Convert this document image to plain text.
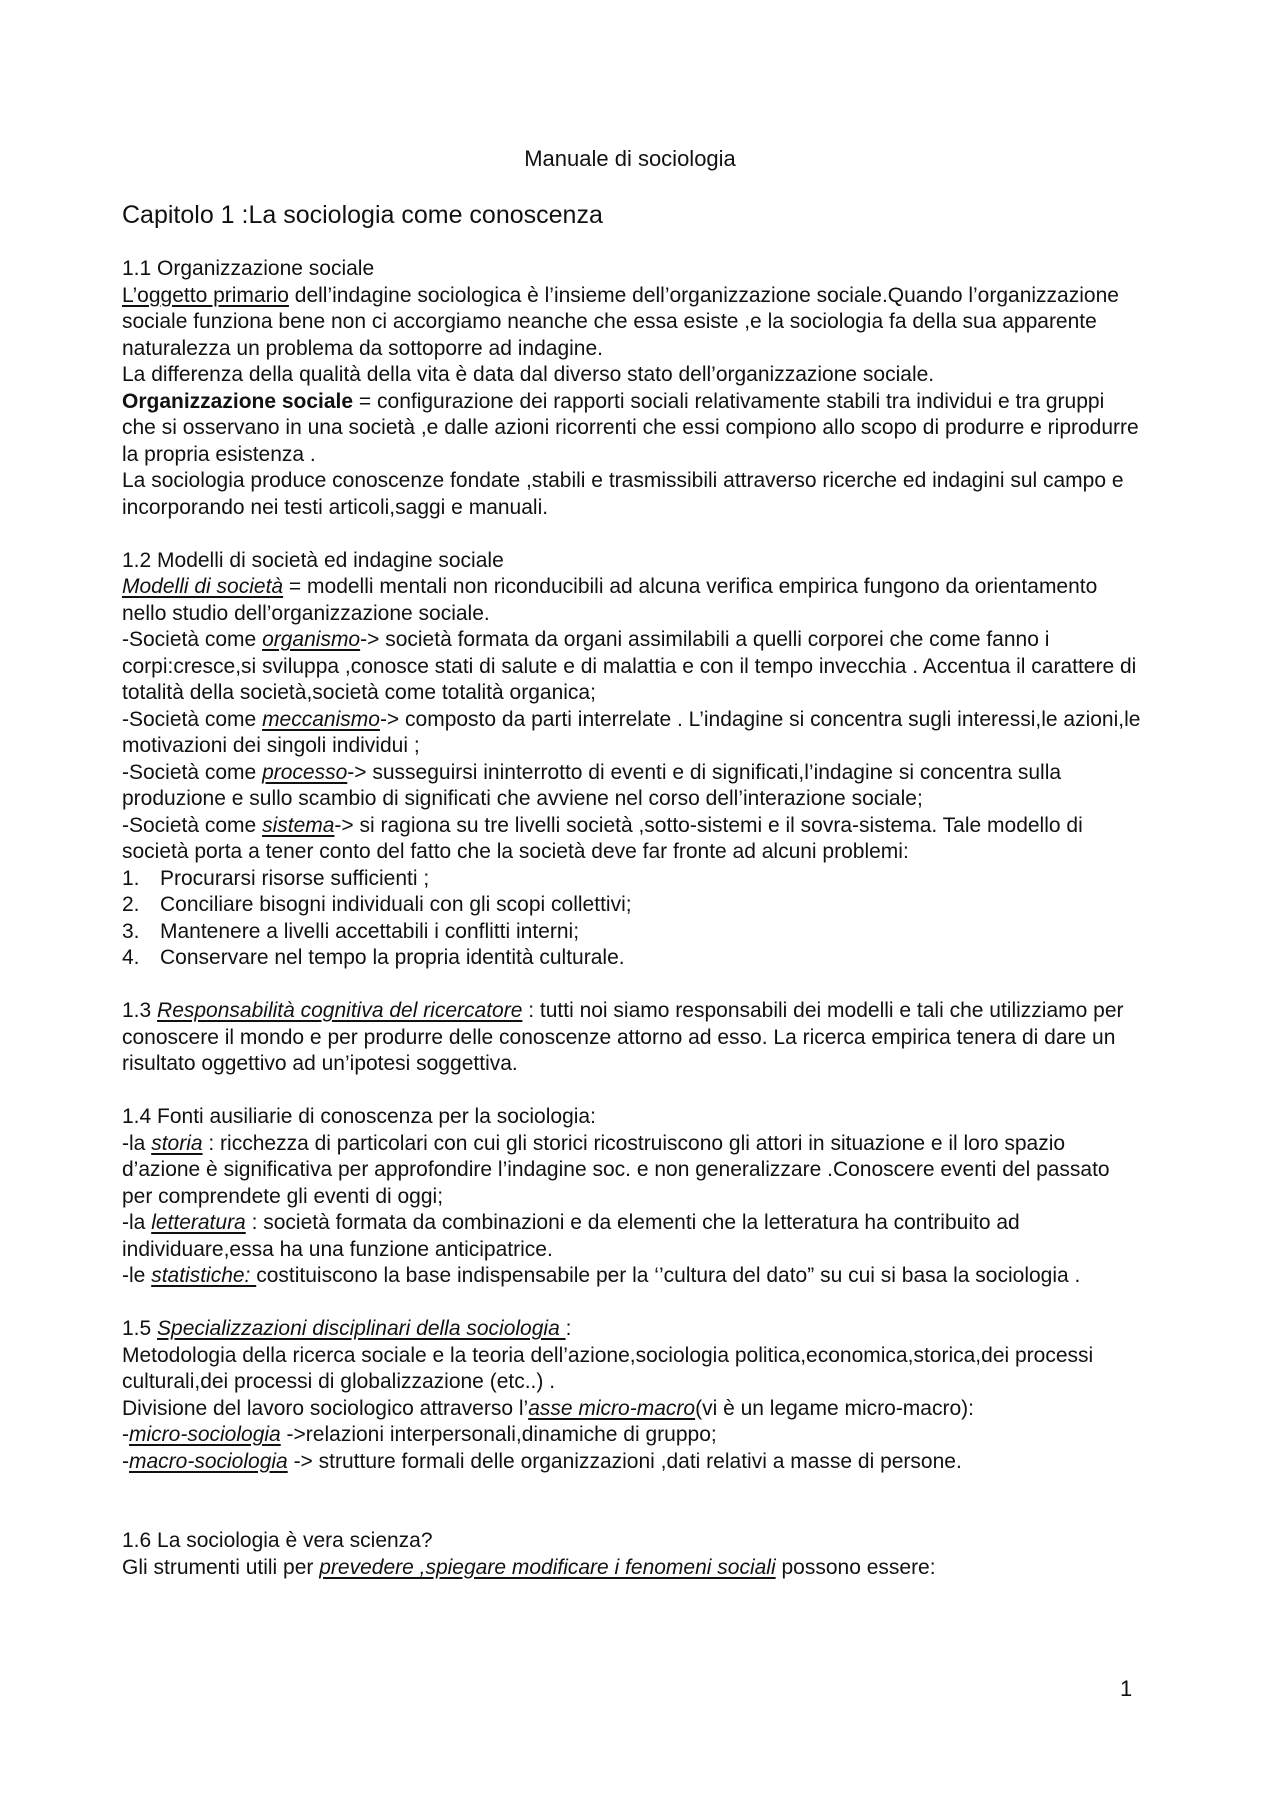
Manuale di sociologia
Capitolo 1 :La sociologia come conoscenza

1.1 Organizzazione sociale

L’oggetto primario dell’indagine sociologica è l’insieme dell’organizzazione sociale.Quando l’organizzazione sociale funziona bene non ci accorgiamo neanche che essa esiste ,e la sociologia fa della sua apparente naturalezza un problema da sottoporre ad indagine.

La differenza della qualità della vita è data dal diverso stato dell’organizzazione sociale.

Organizzazione sociale = configurazione dei rapporti sociali relativamente stabili tra individui e tra gruppi che si osservano in una società ,e dalle azioni ricorrenti che essi compiono allo scopo di produrre e riprodurre la propria esistenza .

La sociologia produce conoscenze fondate ,stabili e trasmissibili attraverso ricerche ed indagini sul campo e incorporando nei testi articoli,saggi e manuali.

1.2 Modelli di società ed indagine sociale

Modelli di società = modelli mentali non riconducibili ad alcuna verifica empirica fungono da orientamento nello studio dell’organizzazione sociale.

-Società come organismo-> società formata da organi assimilabili a quelli corporei che come fanno i corpi:cresce,si sviluppa ,conosce stati di salute e di malattia e con il tempo invecchia . Accentua il carattere di totalità della società,società come totalità organica;

-Società come meccanismo-> composto da parti interrelate . L’indagine si concentra sugli interessi,le azioni,le motivazioni dei singoli individui ;

-Società come processo-> susseguirsi ininterrotto di eventi e di significati,l’indagine si concentra sulla produzione e sullo scambio di significati che avviene nel corso dell’interazione sociale;

-Società come sistema-> si ragiona su tre livelli società ,sotto-sistemi e il sovra-sistema. Tale modello di società porta a tener conto del fatto che la società deve far fronte ad alcuni problemi:

1. Procurarsi risorse sufficienti ;
2. Conciliare bisogni individuali con gli scopi collettivi;
3. Mantenere a livelli accettabili i conflitti interni;
4. Conservare nel tempo la propria identità culturale.

1.3 Responsabilità cognitiva del ricercatore : tutti noi siamo responsabili dei modelli e tali che utilizziamo per conoscere il mondo e per produrre delle conoscenze attorno ad esso. La ricerca empirica tenera di dare un risultato oggettivo ad un’ipotesi soggettiva.

1.4 Fonti ausiliarie di conoscenza per la sociologia:

-la storia : ricchezza di particolari con cui gli storici ricostruiscono gli attori in situazione e il loro spazio d’azione è significativa per approfondire l’indagine soc. e non generalizzare .Conoscere eventi del passato per comprendete gli eventi di oggi;

-la letteratura : società formata da combinazioni e da elementi che la letteratura ha contribuito ad individuare,essa ha una funzione anticipatrice.

-le statistiche: costituiscono la base indispensabile per la ‘’cultura del dato” su cui si basa la sociologia .

1.5 Specializzazioni disciplinari della sociologia :

Metodologia della ricerca sociale e la teoria dell’azione,sociologia politica,economica,storica,dei processi culturali,dei processi di globalizzazione (etc..) .

Divisione del lavoro sociologico attraverso l’asse micro-macro(vi è un legame micro-macro):

-micro-sociologia ->relazioni interpersonali,dinamiche di gruppo;

-macro-sociologia -> strutture formali delle organizzazioni ,dati relativi a masse di persone.

1.6 La sociologia è vera scienza?

Gli strumenti utili per prevedere ,spiegare modificare i fenomeni sociali possono essere:

1
